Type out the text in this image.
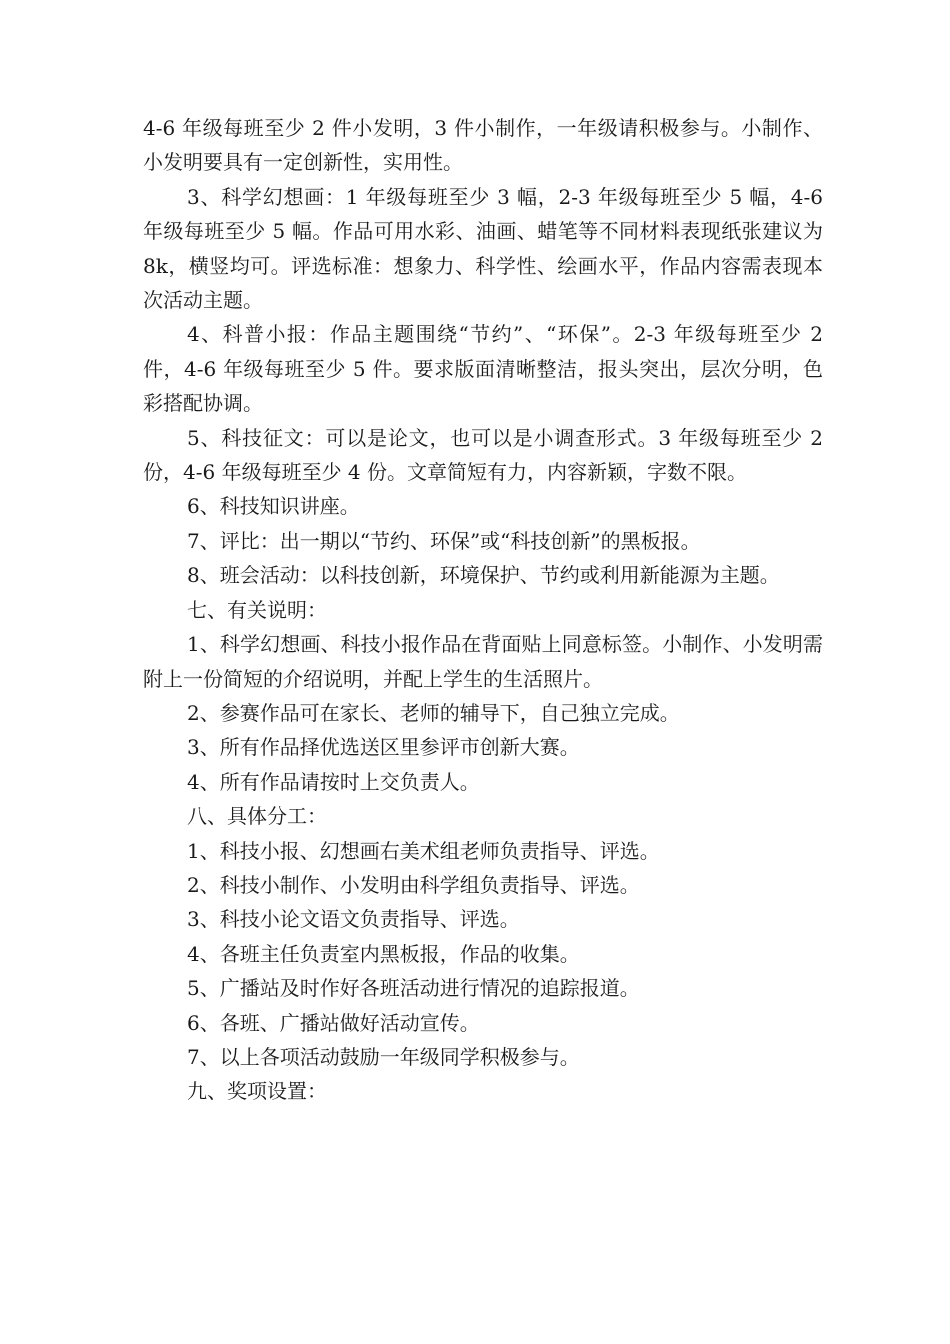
4-6 年级每班至少 2 件小发明，3 件小制作，一年级请积极参与。小制作、小发明要具有一定创新性，实用性。

3、科学幻想画：1 年级每班至少 3 幅，2-3 年级每班至少 5 幅，4-6 年级每班至少 5 幅。作品可用水彩、油画、蜡笔等不同材料表现纸张建议为 8k，横竖均可。评选标准：想象力、科学性、绘画水平，作品内容需表现本次活动主题。

4、科普小报：作品主题围绕“节约”、“环保”。2-3 年级每班至少 2 件，4-6 年级每班至少 5 件。要求版面清晰整洁，报头突出，层次分明，色彩搭配协调。

5、科技征文：可以是论文，也可以是小调查形式。3 年级每班至少 2 份，4-6 年级每班至少 4 份。文章简短有力，内容新颖，字数不限。

6、科技知识讲座。

7、评比：出一期以“节约、环保”或“科技创新”的黑板报。

8、班会活动：以科技创新，环境保护、节约或利用新能源为主题。

七、有关说明：

1、科学幻想画、科技小报作品在背面贴上同意标签。小制作、小发明需附上一份简短的介绍说明，并配上学生的生活照片。

2、参赛作品可在家长、老师的辅导下，自己独立完成。

3、所有作品择优选送区里参评市创新大赛。

4、所有作品请按时上交负责人。

八、具体分工：

1、科技小报、幻想画右美术组老师负责指导、评选。

2、科技小制作、小发明由科学组负责指导、评选。

3、科技小论文语文负责指导、评选。

4、各班主任负责室内黑板报，作品的收集。

5、广播站及时作好各班活动进行情况的追踪报道。

6、各班、广播站做好活动宣传。

7、以上各项活动鼓励一年级同学积极参与。

九、奖项设置：
